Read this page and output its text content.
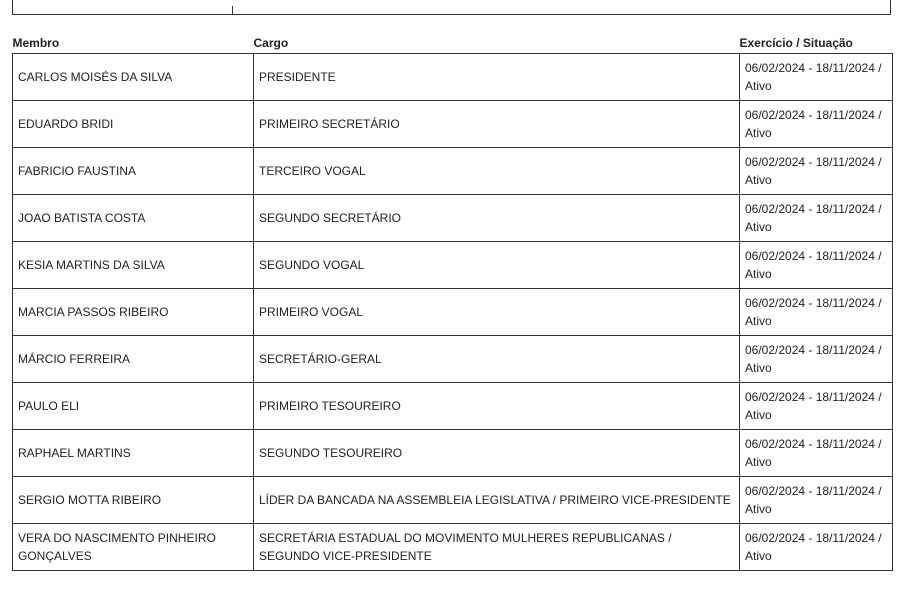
Membro	Cargo	Exercício / Situação
CARLOS MOISÉS DA SILVA	PRESIDENTE	06/02/2024 - 18/11/2024 / Ativo
EDUARDO BRIDI	PRIMEIRO SECRETÁRIO	06/02/2024 - 18/11/2024 / Ativo
FABRICIO FAUSTINA	TERCEIRO VOGAL	06/02/2024 - 18/11/2024 / Ativo
JOAO BATISTA COSTA	SEGUNDO SECRETÁRIO	06/02/2024 - 18/11/2024 / Ativo
KESIA MARTINS DA SILVA	SEGUNDO VOGAL	06/02/2024 - 18/11/2024 / Ativo
MARCIA PASSOS RIBEIRO	PRIMEIRO VOGAL	06/02/2024 - 18/11/2024 / Ativo
MÁRCIO FERREIRA	SECRETÁRIO-GERAL	06/02/2024 - 18/11/2024 / Ativo
PAULO ELI	PRIMEIRO TESOUREIRO	06/02/2024 - 18/11/2024 / Ativo
RAPHAEL MARTINS	SEGUNDO TESOUREIRO	06/02/2024 - 18/11/2024 / Ativo
SERGIO MOTTA RIBEIRO	LÍDER DA BANCADA NA ASSEMBLEIA LEGISLATIVA / PRIMEIRO VICE-PRESIDENTE	06/02/2024 - 18/11/2024 / Ativo
VERA DO NASCIMENTO PINHEIRO GONÇALVES	SECRETÁRIA ESTADUAL DO MOVIMENTO MULHERES REPUBLICANAS / SEGUNDO VICE-PRESIDENTE	06/02/2024 - 18/11/2024 / Ativo
